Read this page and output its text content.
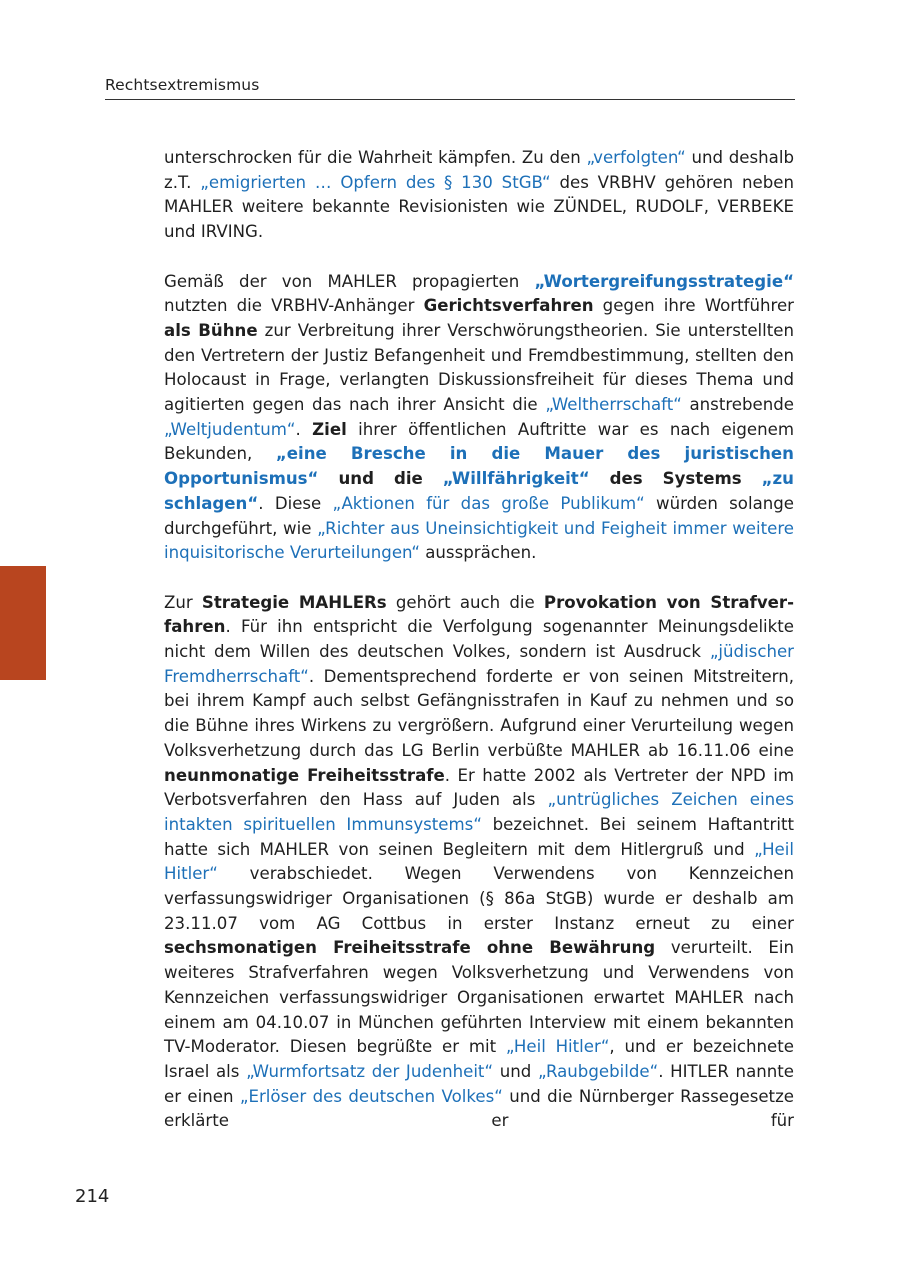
Rechtsextremismus

unterschrocken für die Wahrheit kämpfen. Zu den „verfolgten“ und deshalb z.T. „emigrierten … Opfern des § 130 StGB“ des VRBHV gehören neben MAHLER weitere bekannte Revisionisten wie ZÜNDEL, RUDOLF, VERBEKE und IRVING.

Gemäß der von MAHLER propagierten „Wortergreifungsstrategie“ nutzten die VRBHV-Anhänger Gerichtsverfahren gegen ihre Wortführer als Bühne zur Verbreitung ihrer Verschwörungstheorien. Sie unterstellten den Vertretern der Justiz Befangenheit und Fremdbestimmung, stellten den Holocaust in Frage, verlangten Diskussionsfreiheit für dieses Thema und agitierten gegen das nach ihrer Ansicht die „Weltherrschaft“ anstrebende „Weltjudentum“. Ziel ihrer öffentlichen Auftritte war es nach eigenem Bekunden, „eine Bresche in die Mauer des juristischen Opportunismus“ und die „Willfährigkeit“ des Systems „zu schlagen“. Diese „Aktionen für das große Publikum“ würden solange durchgeführt, wie „Richter aus Uneinsichtigkeit und Feigheit immer weitere inquisitorische Verurteilungen“ aussprächen.

Zur Strategie MAHLERs gehört auch die Provokation von Strafverfahren. Für ihn entspricht die Verfolgung sogenannter Meinungsdelikte nicht dem Willen des deutschen Volkes, sondern ist Ausdruck „jüdischer Fremdherrschaft“. Dementsprechend forderte er von seinen Mitstreitern, bei ihrem Kampf auch selbst Gefängnisstrafen in Kauf zu nehmen und so die Bühne ihres Wirkens zu vergrößern. Aufgrund einer Verurteilung wegen Volksverhetzung durch das LG Berlin verbüßte MAHLER ab 16.11.06 eine neunmonatige Freiheitsstrafe. Er hatte 2002 als Vertreter der NPD im Verbotsverfahren den Hass auf Juden als „untrügliches Zeichen eines intakten spirituellen Immunsystems“ bezeichnet. Bei seinem Haftantritt hatte sich MAHLER von seinen Begleitern mit dem Hitlergruß und „Heil Hitler“ verabschiedet. Wegen Verwendens von Kennzeichen verfassungswidriger Organisationen (§ 86a StGB) wurde er deshalb am 23.11.07 vom AG Cottbus in erster Instanz erneut zu einer sechsmonatigen Freiheitsstrafe ohne Bewährung verurteilt. Ein weiteres Strafverfahren wegen Volksverhetzung und Verwendens von Kennzeichen verfassungswidriger Organisationen erwartet MAHLER nach einem am 04.10.07 in München geführten Interview mit einem bekannten TV-Moderator. Diesen begrüßte er mit „Heil Hitler“, und er bezeichnete Israel als „Wurmfortsatz der Judenheit“ und „Raubgebilde“. HITLER nannte er einen „Erlöser des deutschen Volkes“ und die Nürnberger Rassegesetze erklärte er für

214
